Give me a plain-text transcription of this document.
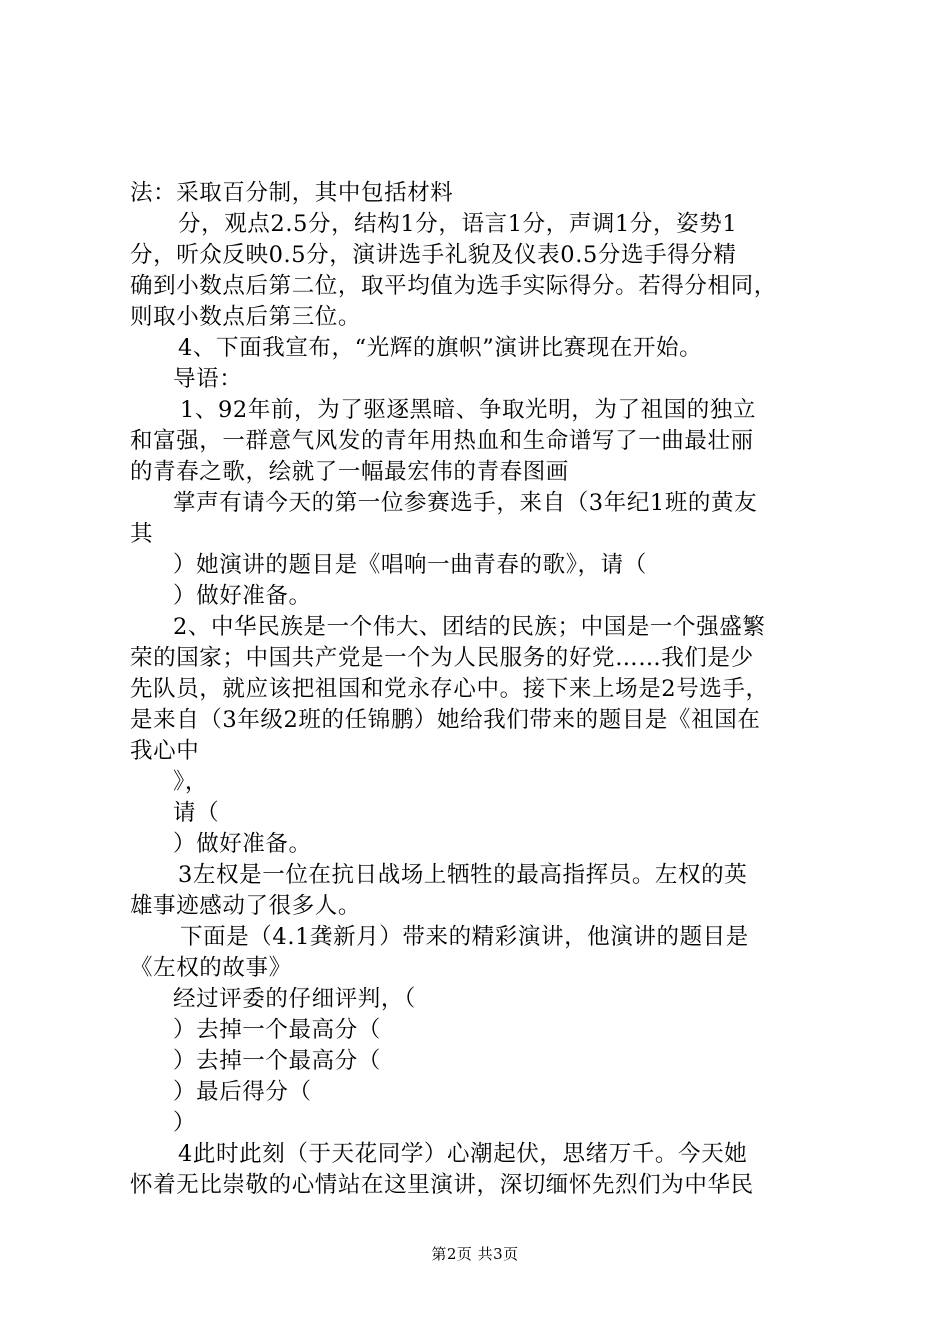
法：采取百分制，其中包括材料
分，观点2.5分，结构1分，语言1分，声调1分，姿势1
分，听众反映0.5分，演讲选手礼貌及仪表0.5分选手得分精
确到小数点后第二位，取平均值为选手实际得分。若得分相同，
则取小数点后第三位。
4、下面我宣布，“光辉的旗帜”演讲比赛现在开始。
导语：
1、92年前，为了驱逐黑暗、争取光明，为了祖国的独立
和富强，一群意气风发的青年用热血和生命谱写了一曲最壮丽
的青春之歌，绘就了一幅最宏伟的青春图画
掌声有请今天的第一位参赛选手，来自（3年纪1班的黄友
其
）她演讲的题目是《唱响一曲青春的歌》，请（
）做好准备。
2、中华民族是一个伟大、团结的民族；中国是一个强盛繁
荣的国家；中国共产党是一个为人民服务的好党……我们是少
先队员，就应该把祖国和党永存心中。接下来上场是2号选手，
是来自（3年级2班的任锦鹏）她给我们带来的题目是《祖国在
我心中
》，
请（
）做好准备。
3左权是一位在抗日战场上牺牲的最高指挥员。左权的英
雄事迹感动了很多人。
下面是（4.1龚新月）带来的精彩演讲，他演讲的题目是
《左权的故事》
经过评委的仔细评判，（
）去掉一个最高分（
）去掉一个最高分（
）最后得分（
）
4此时此刻（于天花同学）心潮起伏，思绪万千。今天她
怀着无比崇敬的心情站在这里演讲，深切缅怀先烈们为中华民
第2页 共3页
